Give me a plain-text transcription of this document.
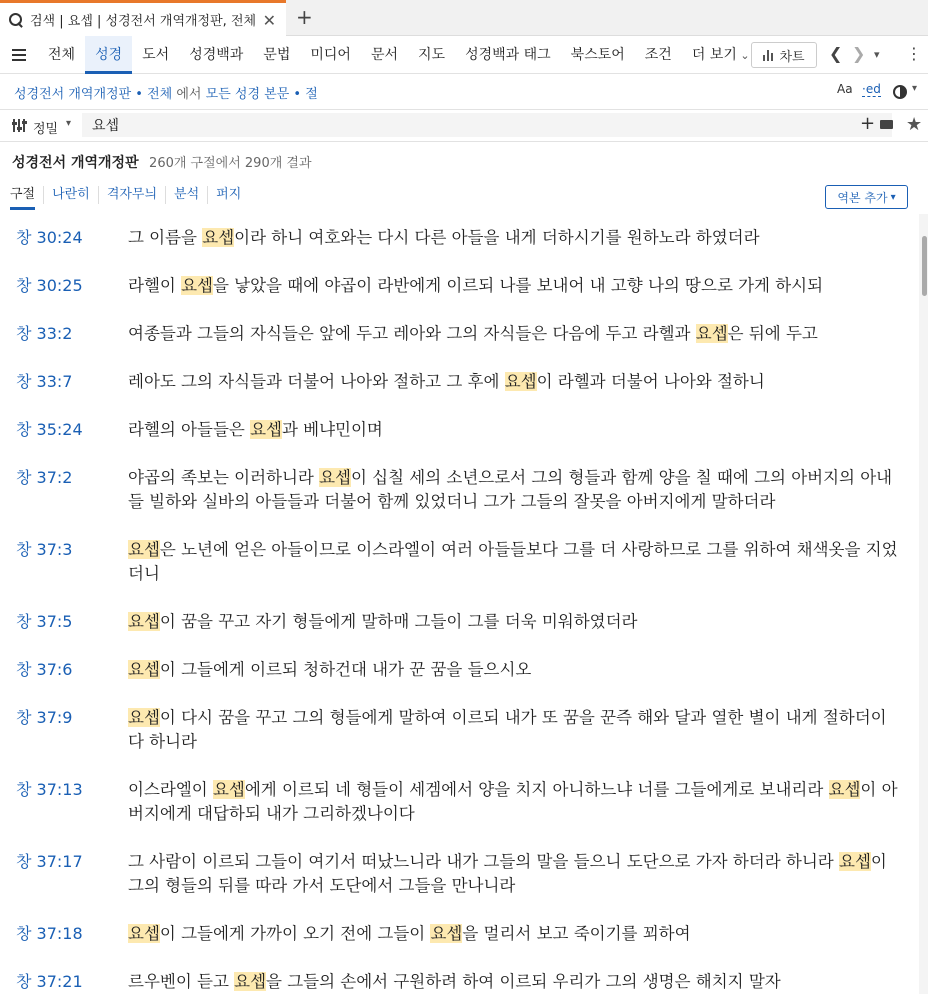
검색 | 요셉 | 성경전서 개역개정판, 전체 ✕ +
전체	성경	도서	성경백과	문법	미디어	문서	지도	성경백과 태그	북스토어	조건	더 보기 ⌄	차트 ❮ ❯ ▾ ⋮
성경전서 개역개정판 • 전체 에서 모든 성경 본문 • 절	Aa ·ed	▾
정밀 ▾
요셉	+ ★
성경전서 개역개정판 260개 구절에서 290개 결과
구절	나란히	격자무늬	분석	퍼지	역본 추가 ▾
창 30:24	그 이름을 요셉이라 하니 여호와는 다시 다른 아들을 내게 더하시기를 원하노라 하였더라
창 30:25	라헬이 요셉을 낳았을 때에 야곱이 라반에게 이르되 나를 보내어 내 고향 나의 땅으로 가게 하시되
창 33:2	여종들과 그들의 자식들은 앞에 두고 레아와 그의 자식들은 다음에 두고 라헬과 요셉은 뒤에 두고
창 33:7	레아도 그의 자식들과 더불어 나아와 절하고 그 후에 요셉이 라헬과 더불어 나아와 절하니
창 35:24	라헬의 아들들은 요셉과 베냐민이며
창 37:2	야곱의 족보는 이러하니라 요셉이 십칠 세의 소년으로서 그의 형들과 함께 양을 칠 때에 그의 아버지의 아내들 빌하와 실바의 아들들과 더불어 함께 있었더니 그가 그들의 잘못을 아버지에게 말하더라
창 37:3	요셉은 노년에 얻은 아들이므로 이스라엘이 여러 아들들보다 그를 더 사랑하므로 그를 위하여 채색옷을 지었더니
창 37:5	요셉이 꿈을 꾸고 자기 형들에게 말하매 그들이 그를 더욱 미워하였더라
창 37:6	요셉이 그들에게 이르되 청하건대 내가 꾼 꿈을 들으시오
창 37:9	요셉이 다시 꿈을 꾸고 그의 형들에게 말하여 이르되 내가 또 꿈을 꾼즉 해와 달과 열한 별이 내게 절하더이다 하니라
창 37:13	이스라엘이 요셉에게 이르되 네 형들이 세겜에서 양을 치지 아니하느냐 너를 그들에게로 보내리라 요셉이 아버지에게 대답하되 내가 그리하겠나이다
창 37:17	그 사람이 이르되 그들이 여기서 떠났느니라 내가 그들의 말을 들으니 도단으로 가자 하더라 하니라 요셉이 그의 형들의 뒤를 따라 가서 도단에서 그들을 만나니라
창 37:18	요셉이 그들에게 가까이 오기 전에 그들이 요셉을 멀리서 보고 죽이기를 꾀하여
창 37:21	르우벤이 듣고 요셉을 그들의 손에서 구원하려 하여 이르되 우리가 그의 생명은 해치지 말자
